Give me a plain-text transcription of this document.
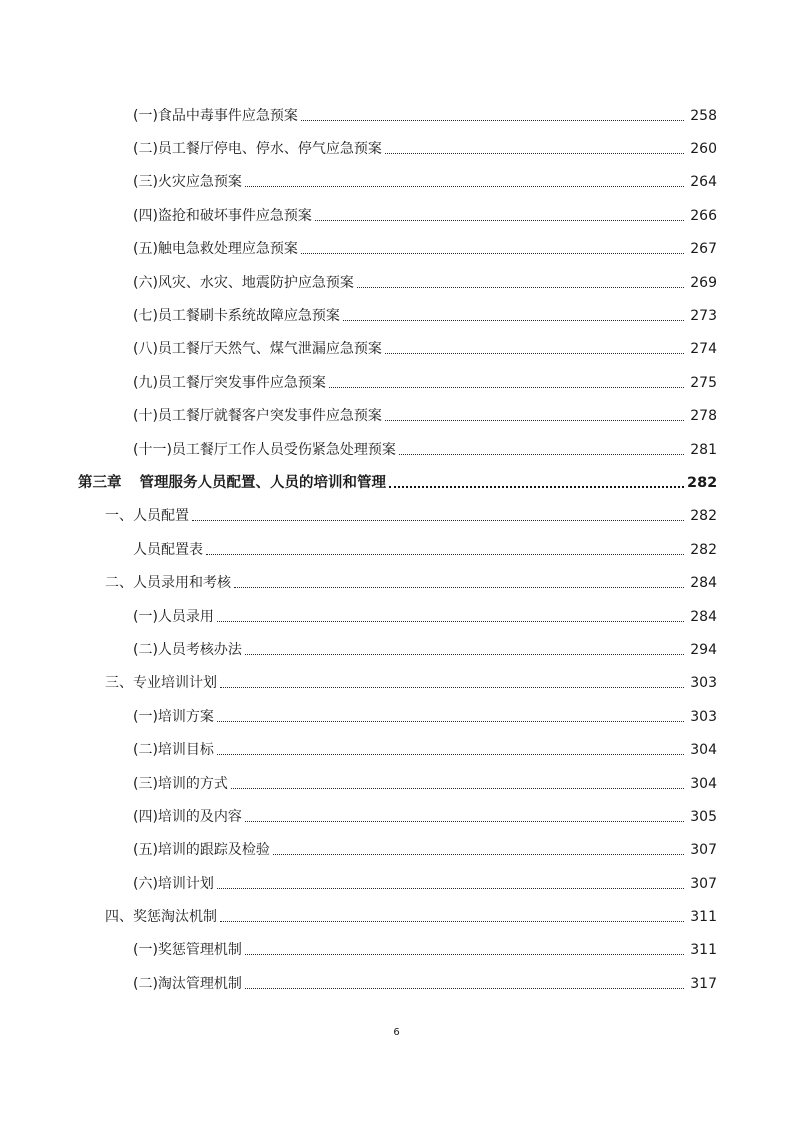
(一)食品中毒事件应急预案	258
(二)员工餐厅停电、停水、停气应急预案	260
(三)火灾应急预案	264
(四)盗抢和破坏事件应急预案	266
(五)触电急救处理应急预案	267
(六)风灾、水灾、地震防护应急预案	269
(七)员工餐刷卡系统故障应急预案	273
(八)员工餐厅天然气、煤气泄漏应急预案	274
(九)员工餐厅突发事件应急预案	275
(十)员工餐厅就餐客户突发事件应急预案	278
(十一)员工餐厅工作人员受伤紧急处理预案	281
第三章 管理服务人员配置、人员的培训和管理	282
一、人员配置	282
人员配置表	282
二、人员录用和考核	284
(一)人员录用	284
(二)人员考核办法	294
三、专业培训计划	303
(一)培训方案	303
(二)培训目标	304
(三)培训的方式	304
(四)培训的及内容	305
(五)培训的跟踪及检验	307
(六)培训计划	307
四、奖惩淘汰机制	311
(一)奖惩管理机制	311
(二)淘汰管理机制	317
6
